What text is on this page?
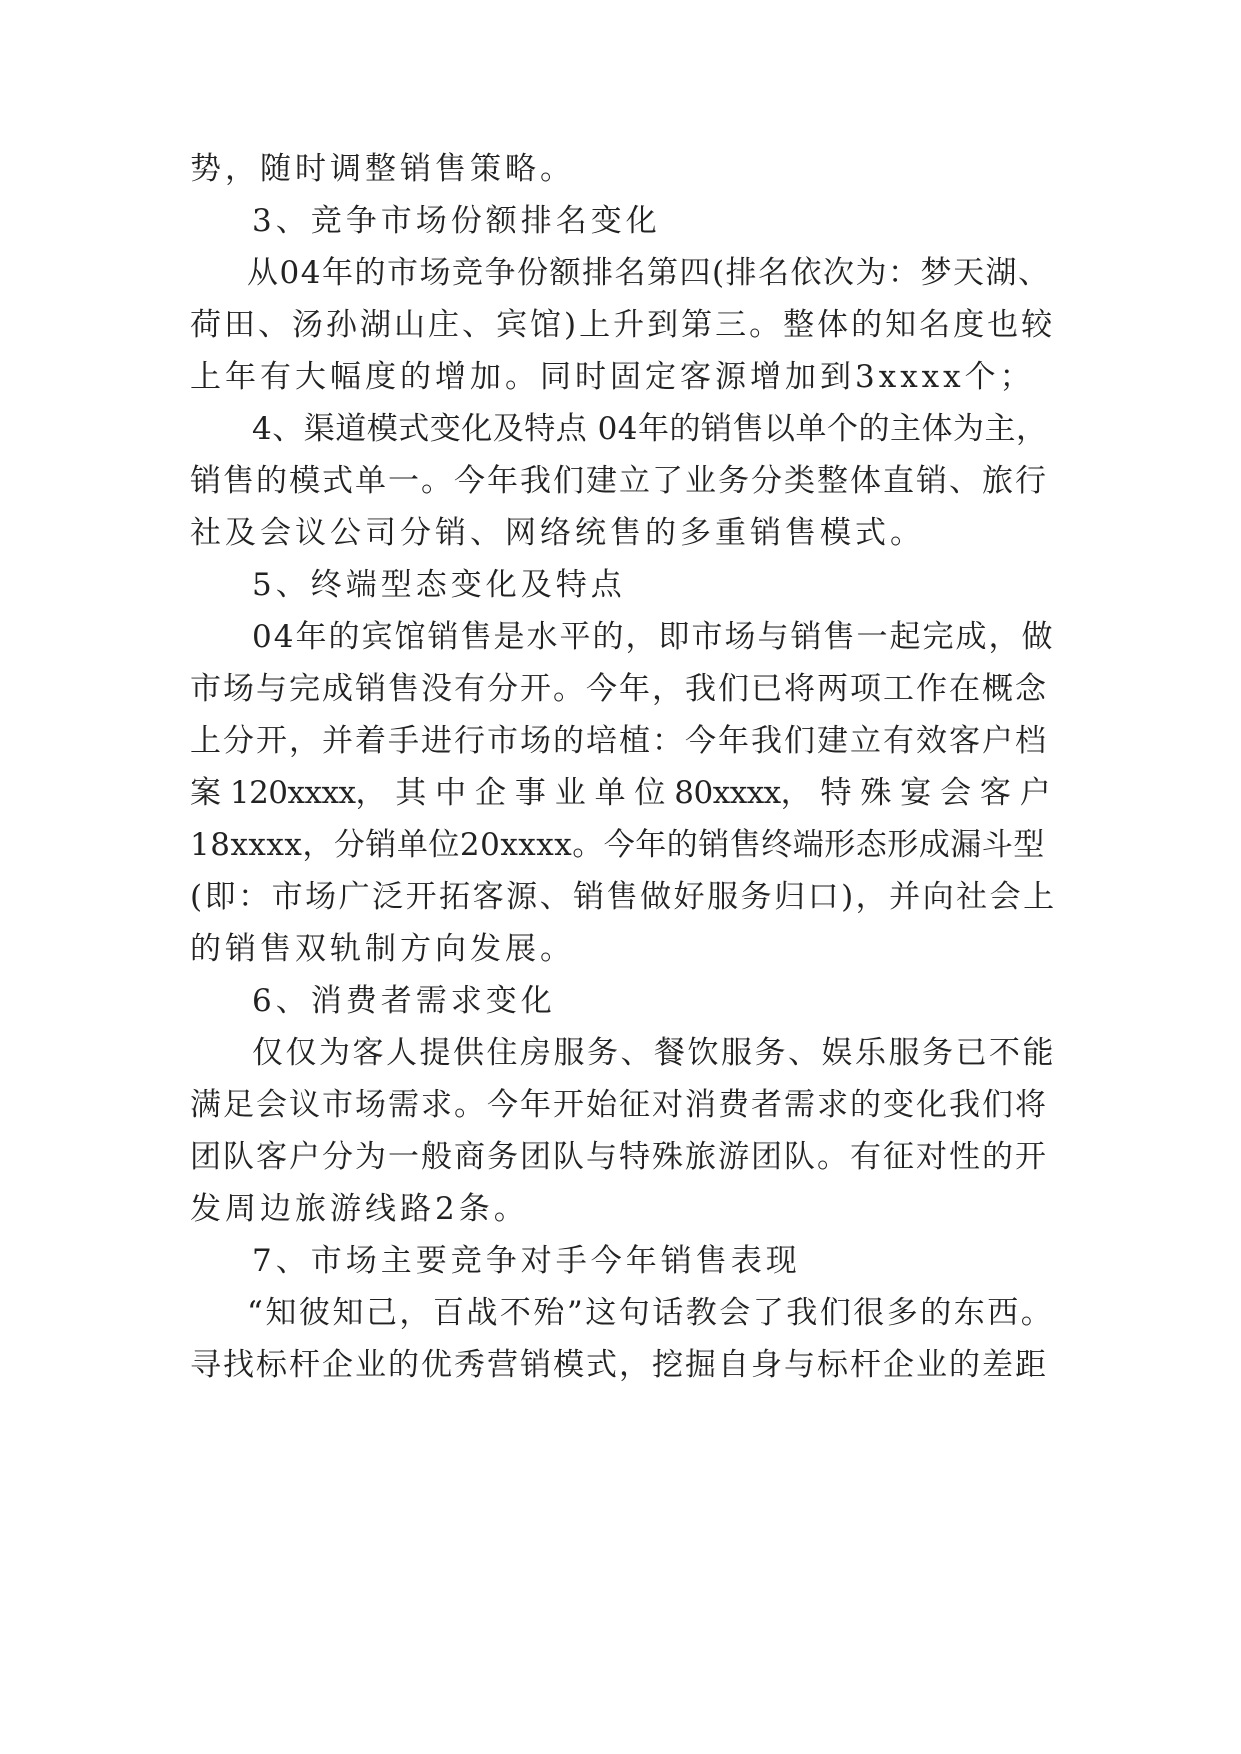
势，随时调整销售策略。
3、竞争市场份额排名变化
从04年的市场竞争份额排名第四(排名依次为：梦天湖、
荷田、汤孙湖山庄、宾馆)上升到第三。整体的知名度也较
上年有大幅度的增加。同时固定客源增加到3xxxx个；
4、渠道模式变化及特点 04年的销售以单个的主体为主，
销售的模式单一。今年我们建立了业务分类整体直销、旅行
社及会议公司分销、网络统售的多重销售模式。
5、终端型态变化及特点
04年的宾馆销售是水平的，即市场与销售一起完成，做
市场与完成销售没有分开。今年，我们已将两项工作在概念
上分开，并着手进行市场的培植：今年我们建立有效客户档
案 120xxxx， 其 中 企 事 业 单 位 80xxxx， 特 殊 宴 会 客 户
18xxxx，分销单位20xxxx。今年的销售终端形态形成漏斗型
(即：市场广泛开拓客源、销售做好服务归口)，并向社会上
的销售双轨制方向发展。
6、消费者需求变化
仅仅为客人提供住房服务、餐饮服务、娱乐服务已不能
满足会议市场需求。今年开始征对消费者需求的变化我们将
团队客户分为一般商务团队与特殊旅游团队。有征对性的开
发周边旅游线路2条。
7、市场主要竞争对手今年销售表现
“知彼知己，百战不殆”这句话教会了我们很多的东西。
寻找标杆企业的优秀营销模式，挖掘自身与标杆企业的差距
